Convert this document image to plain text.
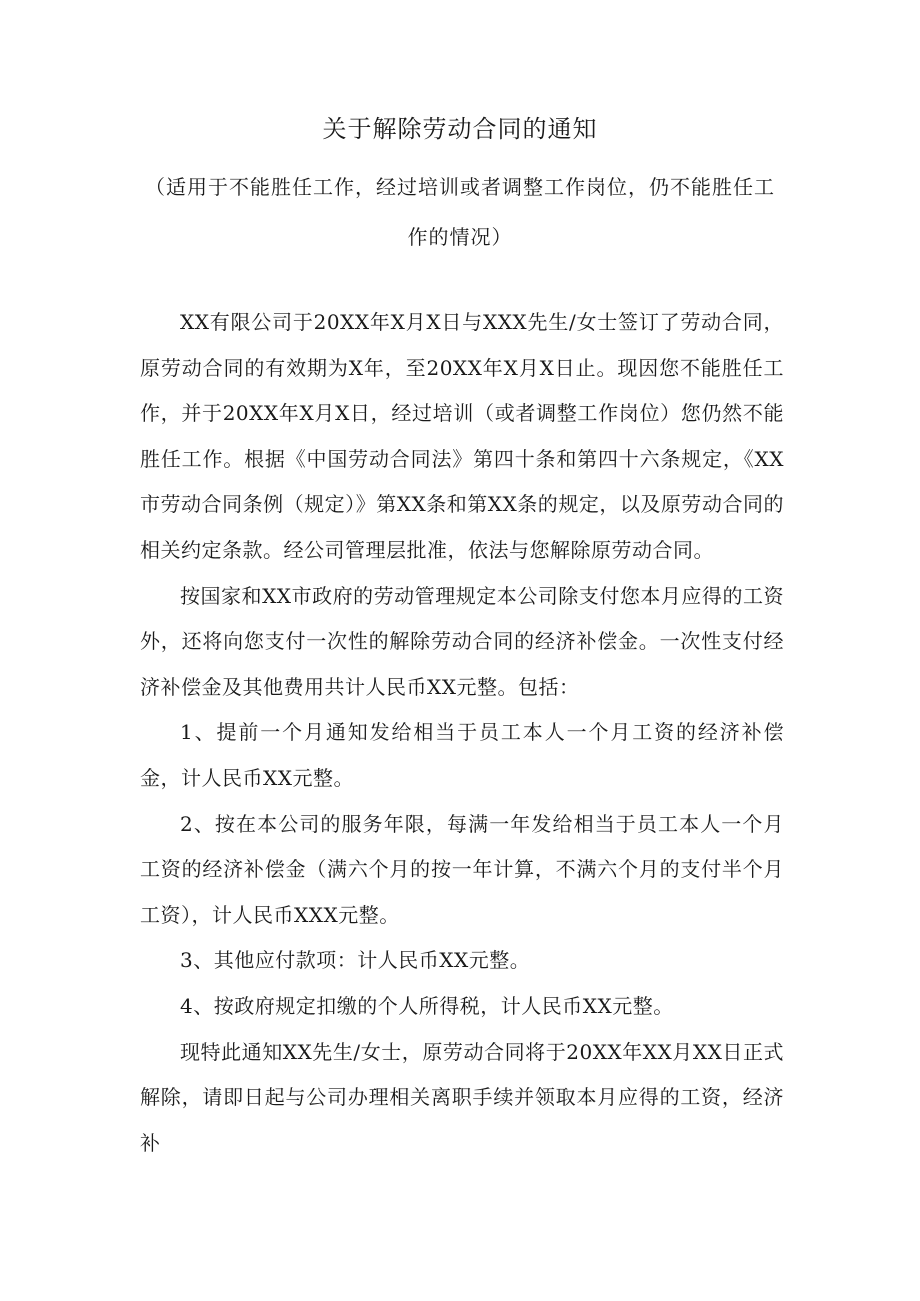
关于解除劳动合同的通知
（适用于不能胜任工作，经过培训或者调整工作岗位，仍不能胜任工作的情况）

XX有限公司于20XX年X月X日与XXX先生/女士签订了劳动合同，原劳动合同的有效期为X年，至20XX年X月X日止。现因您不能胜任工作，并于20XX年X月X日，经过培训（或者调整工作岗位）您仍然不能胜任工作。根据《中国劳动合同法》第四十条和第四十六条规定，《XX市劳动合同条例（规定）》第XX条和第XX条的规定，以及原劳动合同的相关约定条款。经公司管理层批准，依法与您解除原劳动合同。

按国家和XX市政府的劳动管理规定本公司除支付您本月应得的工资外，还将向您支付一次性的解除劳动合同的经济补偿金。一次性支付经济补偿金及其他费用共计人民币XX元整。包括：

1、提前一个月通知发给相当于员工本人一个月工资的经济补偿金，计人民币XX元整。

2、按在本公司的服务年限，每满一年发给相当于员工本人一个月工资的经济补偿金（满六个月的按一年计算，不满六个月的支付半个月工资），计人民币XXX元整。

3、其他应付款项：计人民币XX元整。

4、按政府规定扣缴的个人所得税，计人民币XX元整。

现特此通知XX先生/女士，原劳动合同将于20XX年XX月XX日正式解除，请即日起与公司办理相关离职手续并领取本月应得的工资，经济补
